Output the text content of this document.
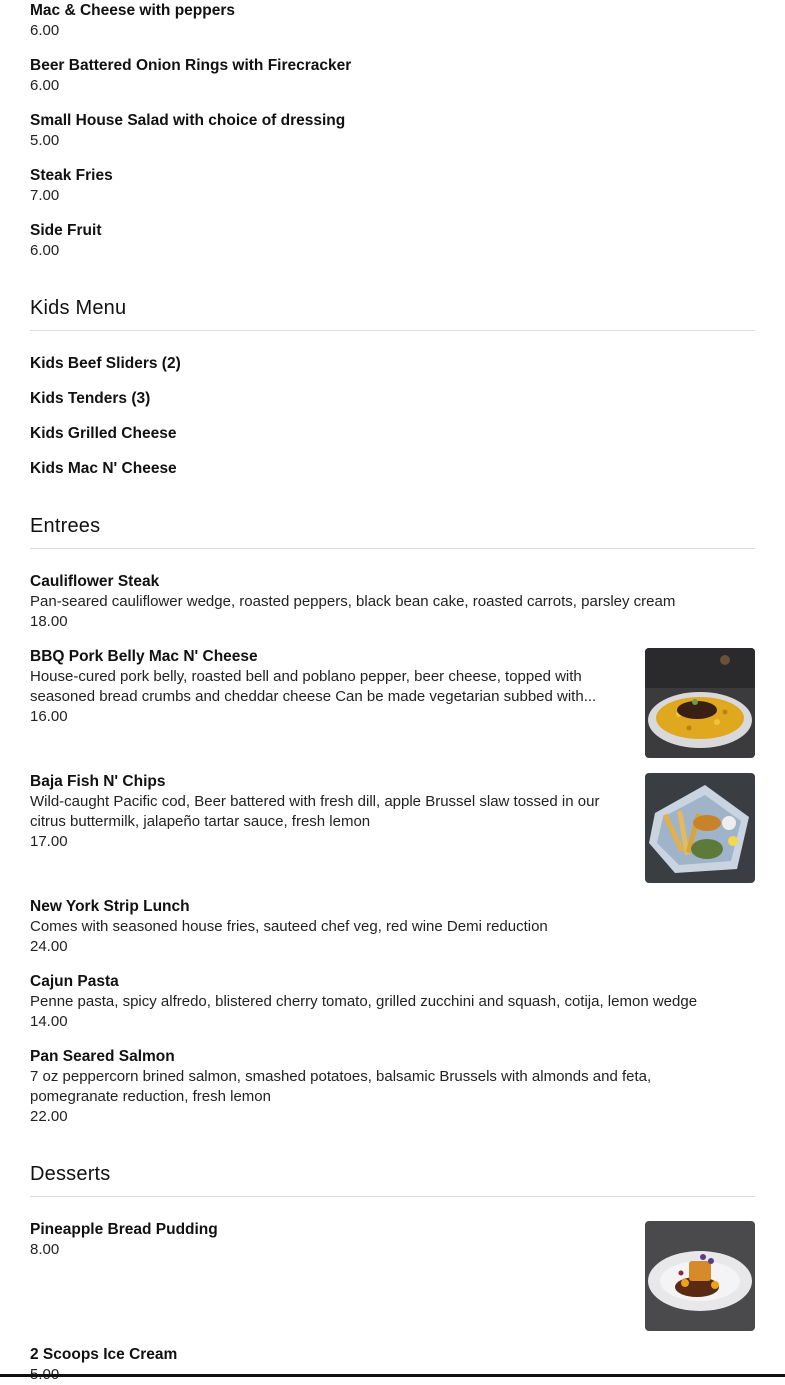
Mac & Cheese with peppers
6.00
Beer Battered Onion Rings with Firecracker
6.00
Small House Salad with choice of dressing
5.00
Steak Fries
7.00
Side Fruit
6.00
Kids Menu
Kids Beef Sliders (2)
Kids Tenders (3)
Kids Grilled Cheese
Kids Mac N' Cheese
Entrees
Cauliflower Steak
Pan-seared cauliflower wedge, roasted peppers, black bean cake, roasted carrots, parsley cream
18.00
BBQ Pork Belly Mac N' Cheese
House-cured pork belly, roasted bell and poblano pepper, beer cheese, topped with seasoned bread crumbs and cheddar cheese Can be made vegetarian subbed with...
16.00
Baja Fish N' Chips
Wild-caught Pacific cod, Beer battered with fresh dill, apple Brussel slaw tossed in our citrus buttermilk, jalapeño tartar sauce, fresh lemon
17.00
New York Strip Lunch
Comes with seasoned house fries, sauteed chef veg, red wine Demi reduction
24.00
Cajun Pasta
Penne pasta, spicy alfredo, blistered cherry tomato, grilled zucchini and squash, cotija, lemon wedge
14.00
Pan Seared Salmon
7 oz peppercorn brined salmon, smashed potatoes, balsamic Brussels with almonds and feta, pomegranate reduction, fresh lemon
22.00
Desserts
Pineapple Bread Pudding
8.00
2 Scoops Ice Cream
